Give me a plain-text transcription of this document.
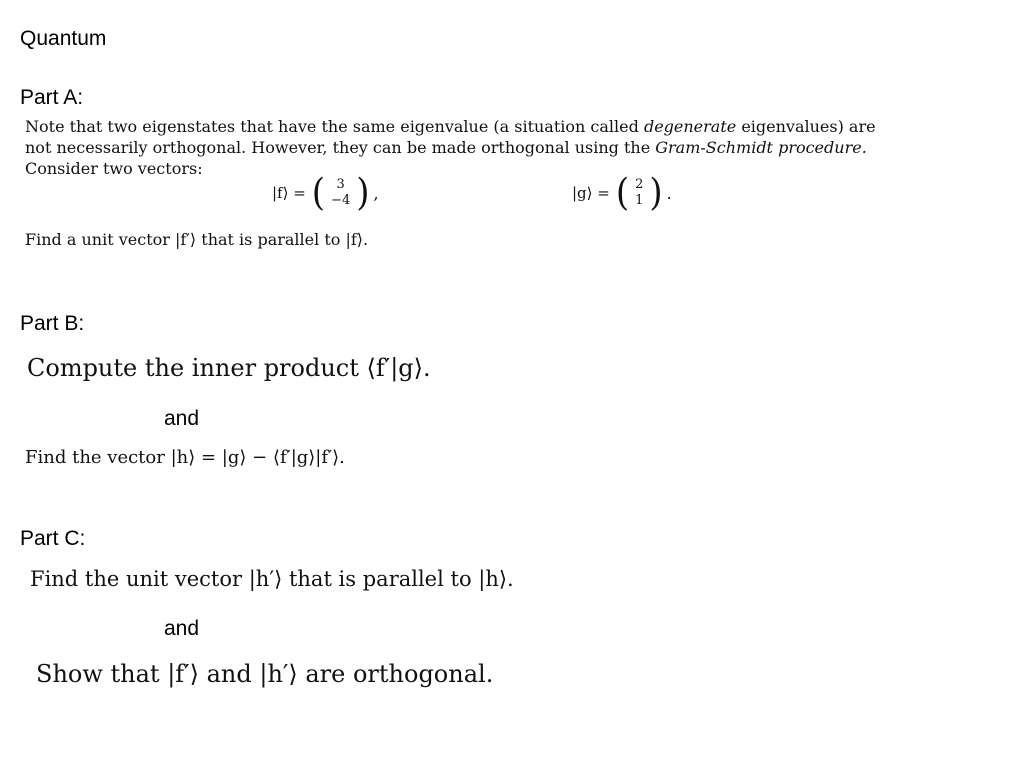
Quantum
Part A:
Note that two eigenstates that have the same eigenvalue (a situation called degenerate eigenvalues) are
not necessarily orthogonal. However, they can be made orthogonal using the Gram-Schmidt procedure.
Consider two vectors:
|f⟩ = ( 3
−4 ) ,	|g⟩ = ( 2
1 ) .
Find a unit vector |f′⟩ that is parallel to |f⟩.
Part B:
Compute the inner product ⟨f′|g⟩.
and
Find the vector |h⟩ = |g⟩ − ⟨f′|g⟩|f′⟩.
Part C:
Find the unit vector |h′⟩ that is parallel to |h⟩.
and
Show that |f′⟩ and |h′⟩ are orthogonal.
